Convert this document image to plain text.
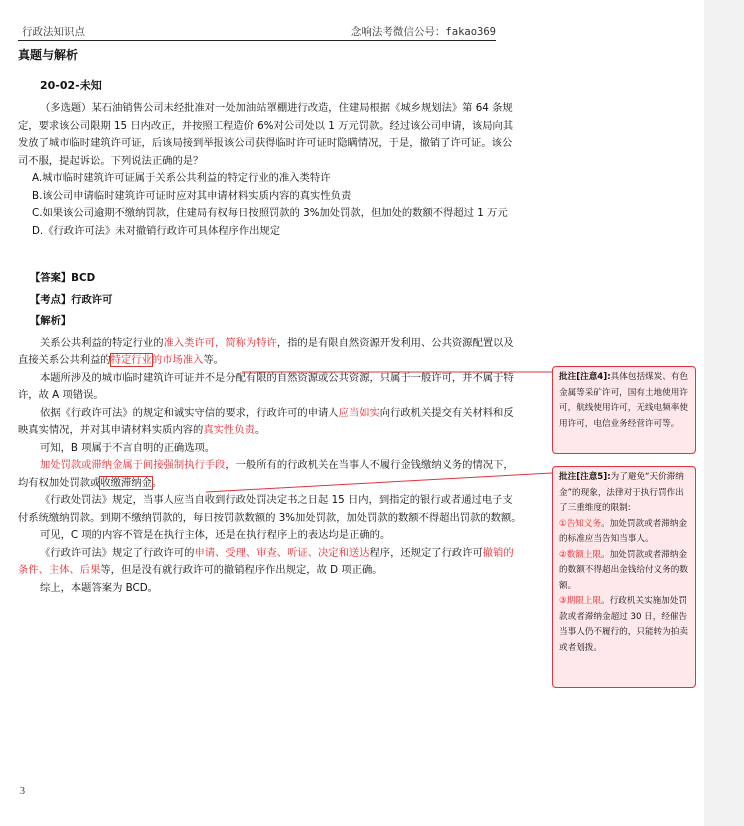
行政法知识点	念响法考微信公号：fakao369
真题与解析
20-02-未知

（多选题）某石油销售公司未经批准对一处加油站罩棚进行改造，住建局根据《城乡规划法》第 64 条规定，要求该公司限期 15 日内改正，并按照工程造价 6%对公司处以 1 万元罚款。经过该公司申请，该局向其发放了城市临时建筑许可证，后该局接到举报该公司获得临时许可证时隐瞒情况，于是，撤销了许可证。该公司不服，提起诉讼。下列说法正确的是？

A.城市临时建筑许可证属于关系公共利益的特定行业的准入类特许

B.该公司申请临时建筑许可证时应对其申请材料实质内容的真实性负责

C.如果该公司逾期不缴纳罚款，住建局有权每日按照罚款的 3%加处罚款，但加处的数额不得超过 1 万元

D.《行政许可法》未对撤销行政许可具体程序作出规定

【答案】BCD
【考点】行政许可
【解析】

关系公共利益的特定行业的准入类许可，简称为特许，指的是有限自然资源开发利用、公共资源配置以及直接关系公共利益的特定行业的市场准入等。

本题所涉及的城市临时建筑许可证并不是分配有限的自然资源或公共资源，只属于一般许可，并不属于特许，故 A 项错误。

依据《行政许可法》的规定和诚实守信的要求，行政许可的申请人应当如实向行政机关提交有关材料和反映真实情况，并对其申请材料实质内容的真实性负责。

可知，B 项属于不言自明的正确选项。

加处罚款或滞纳金属于间接强制执行手段，一般所有的行政机关在当事人不履行金钱缴纳义务的情况下，均有权加处罚款或收缴滞纳金。

《行政处罚法》规定，当事人应当自收到行政处罚决定书之日起 15 日内，到指定的银行或者通过电子支付系统缴纳罚款。到期不缴纳罚款的，每日按罚款数额的 3%加处罚款，加处罚款的数额不得超出罚款的数额。

可见，C 项的内容不管是在执行主体，还是在执行程序上的表达均是正确的。

《行政许可法》规定了行政许可的申请、受理、审查、听证、决定和送达程序，还规定了行政许可撤销的条件、主体、后果等，但是没有就行政许可的撤销程序作出规定，故 D 项正确。

综上，本题答案为 BCD。

3
批注[注意4]:具体包括煤炭、有色金属等采矿许可，国有土地使用许可，航线使用许可，无线电频率使用许可，电信业务经营许可等。
批注[注意5]:为了避免“天价滞纳金”的现象，法律对于执行罚作出了三重维度的限制:
①告知义务。加处罚款或者滞纳金的标准应当告知当事人。
②数额上限。加处罚款或者滞纳金的数额不得超出金钱给付义务的数额。
③期限上限。行政机关实施加处罚款或者滞纳金超过 30 日，经催告当事人仍不履行的，只能转为拍卖或者划拨。
